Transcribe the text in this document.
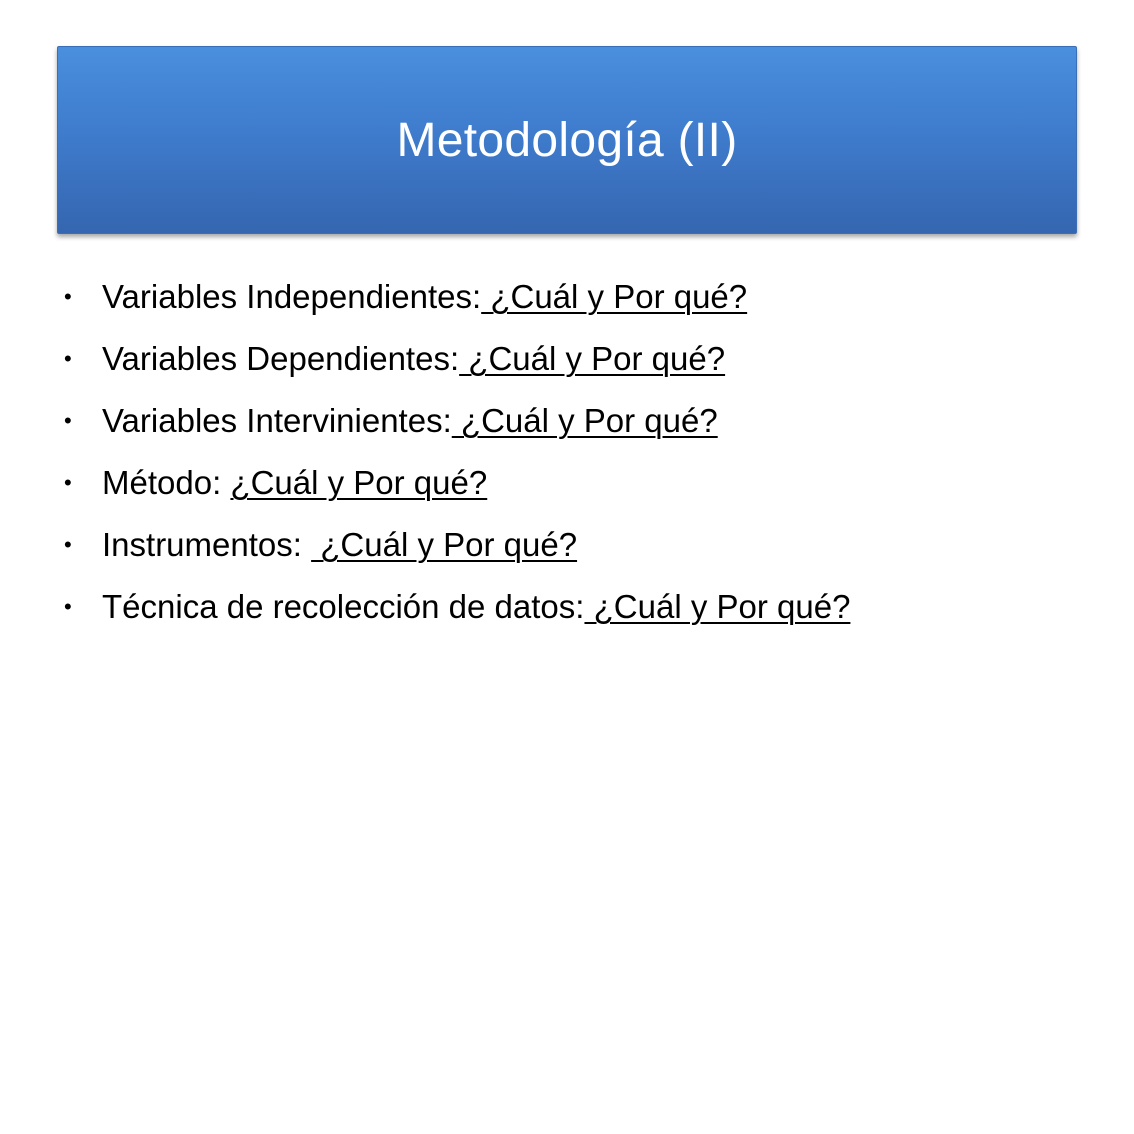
Metodología (II)
• Variables Independientes: ¿Cuál y Por qué?
• Variables Dependientes: ¿Cuál y Por qué?
• Variables Intervinientes: ¿Cuál y Por qué?
• Método: ¿Cuál y Por qué?
• Instrumentos:  ¿Cuál y Por qué?
• Técnica de recolección de datos: ¿Cuál y Por qué?
